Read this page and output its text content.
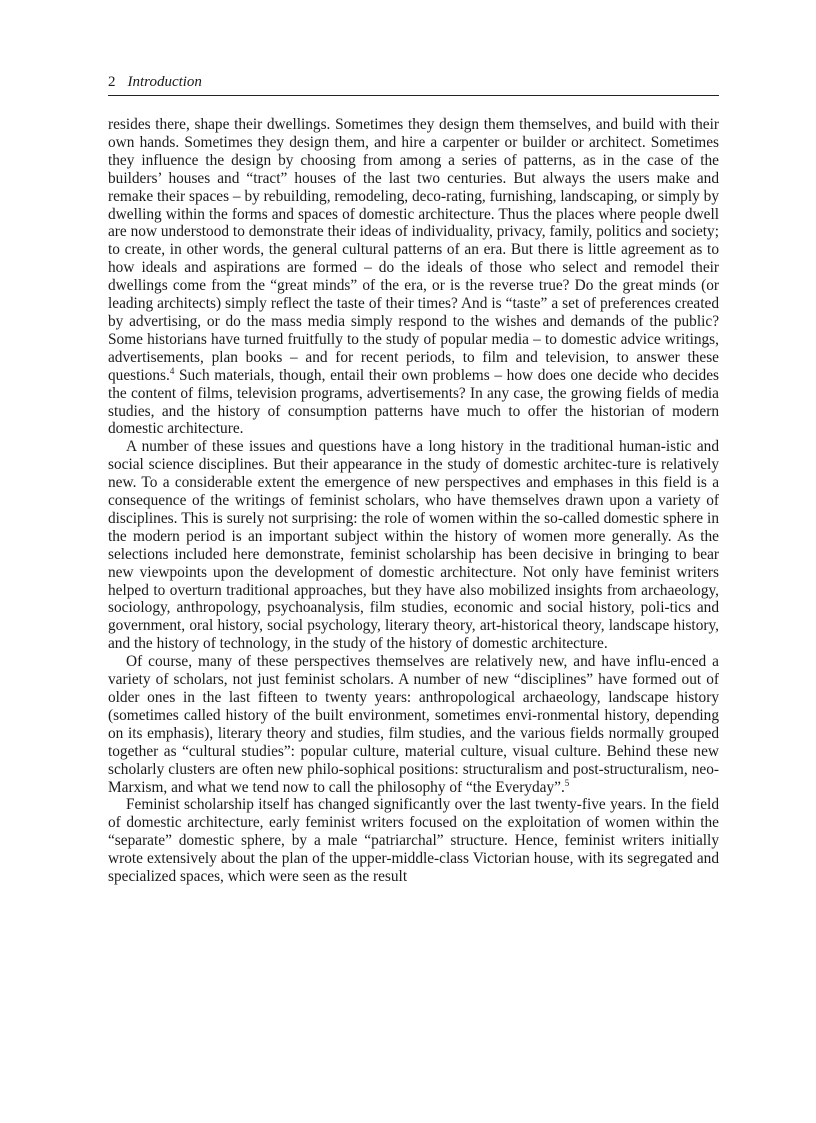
2 Introduction

resides there, shape their dwellings. Sometimes they design them themselves, and build with their own hands. Sometimes they design them, and hire a carpenter or builder or architect. Sometimes they influence the design by choosing from among a series of patterns, as in the case of the builders’ houses and “tract” houses of the last two centuries. But always the users make and remake their spaces – by rebuilding, remodeling, deco-rating, furnishing, landscaping, or simply by dwelling within the forms and spaces of domestic architecture. Thus the places where people dwell are now understood to demonstrate their ideas of individuality, privacy, family, politics and society; to create, in other words, the general cultural patterns of an era. But there is little agreement as to how ideals and aspirations are formed – do the ideals of those who select and remodel their dwellings come from the “great minds” of the era, or is the reverse true? Do the great minds (or leading architects) simply reflect the taste of their times? And is “taste” a set of preferences created by advertising, or do the mass media simply respond to the wishes and demands of the public? Some historians have turned fruitfully to the study of popular media – to domestic advice writings, advertisements, plan books – and for recent periods, to film and television, to answer these questions.$^4$ Such materials, though, entail their own problems – how does one decide who decides the content of films, television programs, advertisements? In any case, the growing fields of media studies, and the history of consumption patterns have much to offer the historian of modern domestic architecture.

A number of these issues and questions have a long history in the traditional human-istic and social science disciplines. But their appearance in the study of domestic architec-ture is relatively new. To a considerable extent the emergence of new perspectives and emphases in this field is a consequence of the writings of feminist scholars, who have themselves drawn upon a variety of disciplines. This is surely not surprising: the role of women within the so-called domestic sphere in the modern period is an important subject within the history of women more generally. As the selections included here demonstrate, feminist scholarship has been decisive in bringing to bear new viewpoints upon the development of domestic architecture. Not only have feminist writers helped to overturn traditional approaches, but they have also mobilized insights from archaeology, sociology, anthropology, psychoanalysis, film studies, economic and social history, poli-tics and government, oral history, social psychology, literary theory, art-historical theory, landscape history, and the history of technology, in the study of the history of domestic architecture.

Of course, many of these perspectives themselves are relatively new, and have influ-enced a variety of scholars, not just feminist scholars. A number of new “disciplines” have formed out of older ones in the last fifteen to twenty years: anthropological archaeology, landscape history (sometimes called history of the built environment, sometimes envi-ronmental history, depending on its emphasis), literary theory and studies, film studies, and the various fields normally grouped together as “cultural studies”: popular culture, material culture, visual culture. Behind these new scholarly clusters are often new philo-sophical positions: structuralism and post-structuralism, neo-Marxism, and what we tend now to call the philosophy of “the Everyday”.$^5$

Feminist scholarship itself has changed significantly over the last twenty-five years. In the field of domestic architecture, early feminist writers focused on the exploitation of women within the “separate” domestic sphere, by a male “patriarchal” structure. Hence, feminist writers initially wrote extensively about the plan of the upper-middle-class Victorian house, with its segregated and specialized spaces, which were seen as the result
